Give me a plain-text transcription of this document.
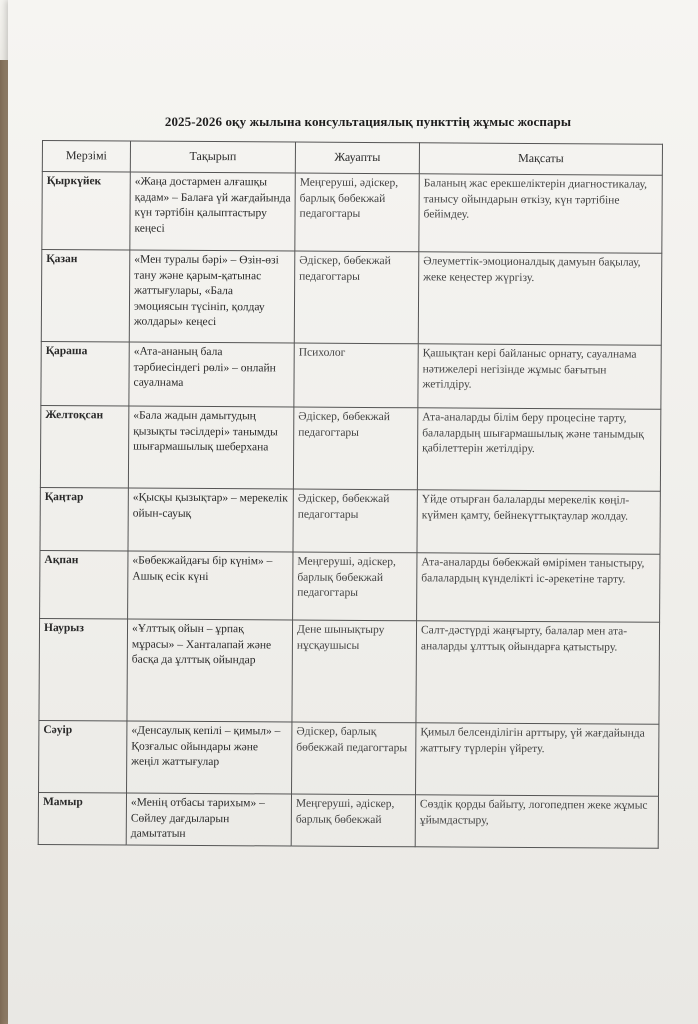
2025-2026 оқу жылына консультациялық пункттің жұмыс жоспары
Мерзімі	Тақырып	Жауапты	Мақсаты
Қыркүйек	«Жаңа достармен алғашқы қадам» – Балаға үй жағдайында күн тәртібін қалыптастыру кеңесі	Меңгеруші, әдіскер, барлық бөбекжай педагогтары	Баланың жас ерекшеліктерін диагностикалау, танысу ойындарын өткізу, күн тәртібіне бейімдеу.
Қазан	«Мен туралы бәрі» – Өзін-өзі тану және қарым-қатынас жаттығулары, «Бала эмоциясын түсініп, қолдау жолдары» кеңесі	Әдіскер, бөбекжай педагогтары	Әлеуметтік-эмоционалдық дамуын бақылау, жеке кеңестер жүргізу.
Қараша	«Ата-ананың бала тәрбиесіндегі рөлі» – онлайн сауалнама	Психолог	Қашықтан кері байланыс орнату, сауалнама нәтижелері негізінде жұмыс бағытын жетілдіру.
Желтоқсан	«Бала жадын дамытудың қызықты тәсілдері» танымды шығармашылық шеберхана	Әдіскер, бөбекжай педагогтары	Ата-аналарды білім беру процесіне тарту, балалардың шығармашылық және танымдық қабілеттерін жетілдіру.
Қаңтар	«Қысқы қызықтар» – мерекелік ойын-сауық	Әдіскер, бөбекжай педагогтары	Үйде отырған балаларды мерекелік көңіл-күймен қамту, бейнекүттықтаулар жолдау.
Ақпан	«Бөбекжайдағы бір күнім» – Ашық есік күні	Меңгеруші, әдіскер, барлық бөбекжай педагогтары	Ата-аналарды бөбекжай өмірімен таныстыру, балалардың күнделікті іс-әрекетіне тарту.
Наурыз	«Ұлттық ойын – ұрпақ мұрасы» – Ханталапай және басқа да ұлттық ойындар	Дене шынықтыру нұсқаушысы	Салт-дәстүрді жаңғырту, балалар мен ата-аналарды ұлттық ойындарға қатыстыру.
Сәуір	«Денсаулық кепілі – қимыл» – Қозғалыс ойындары және жеңіл жаттығулар	Әдіскер, барлық бөбекжай педагогтары	Қимыл белсенділігін арттыру, үй жағдайында жаттығу түрлерін үйрету.
Мамыр	«Менің отбасы тарихым» – Сөйлеу дағдыларын дамытатын	Меңгеруші, әдіскер, барлық бөбекжай	Сөздік қорды байыту, логопедпен жеке жұмыс ұйымдастыру,
